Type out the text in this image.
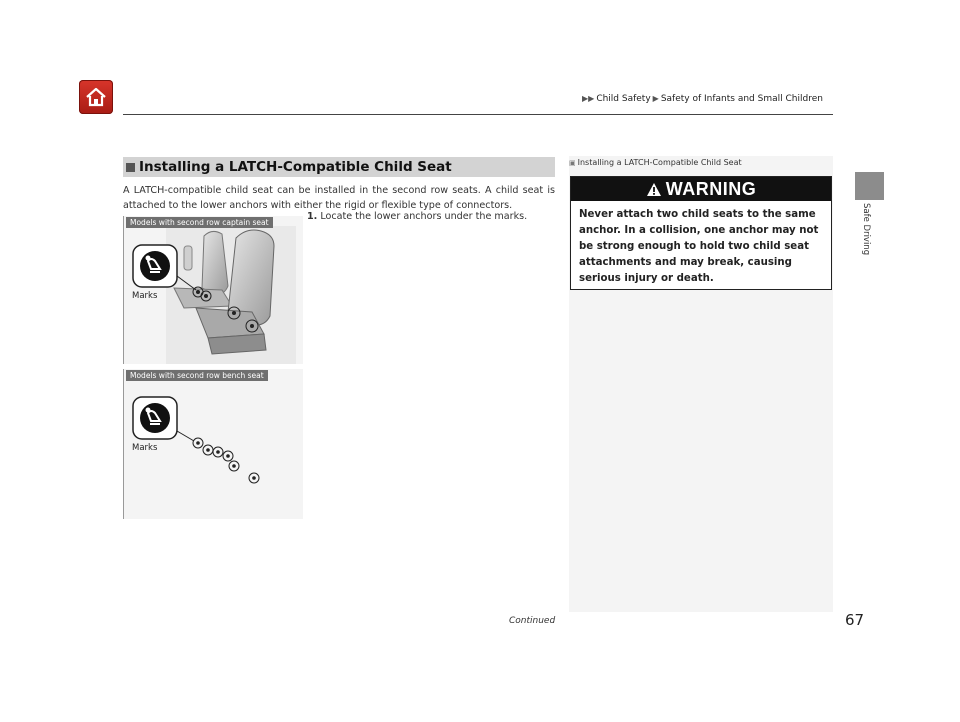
▶▶ Child Safety ▶ Safety of Infants and Small Children
Safe Driving
Installing a LATCH-Compatible Child Seat

A LATCH-compatible child seat can be installed in the second row seats. A child seat is attached to the lower anchors with either the rigid or flexible type of connectors.

1. Locate the lower anchors under the marks.
Models with second row captain seat
Marks
Models with second row bench seat
Marks
▣ Installing a LATCH-Compatible Child Seat
WARNING

Never attach two child seats to the same anchor. In a collision, one anchor may not be strong enough to hold two child seat attachments and may break, causing serious injury or death.

Continued	67
